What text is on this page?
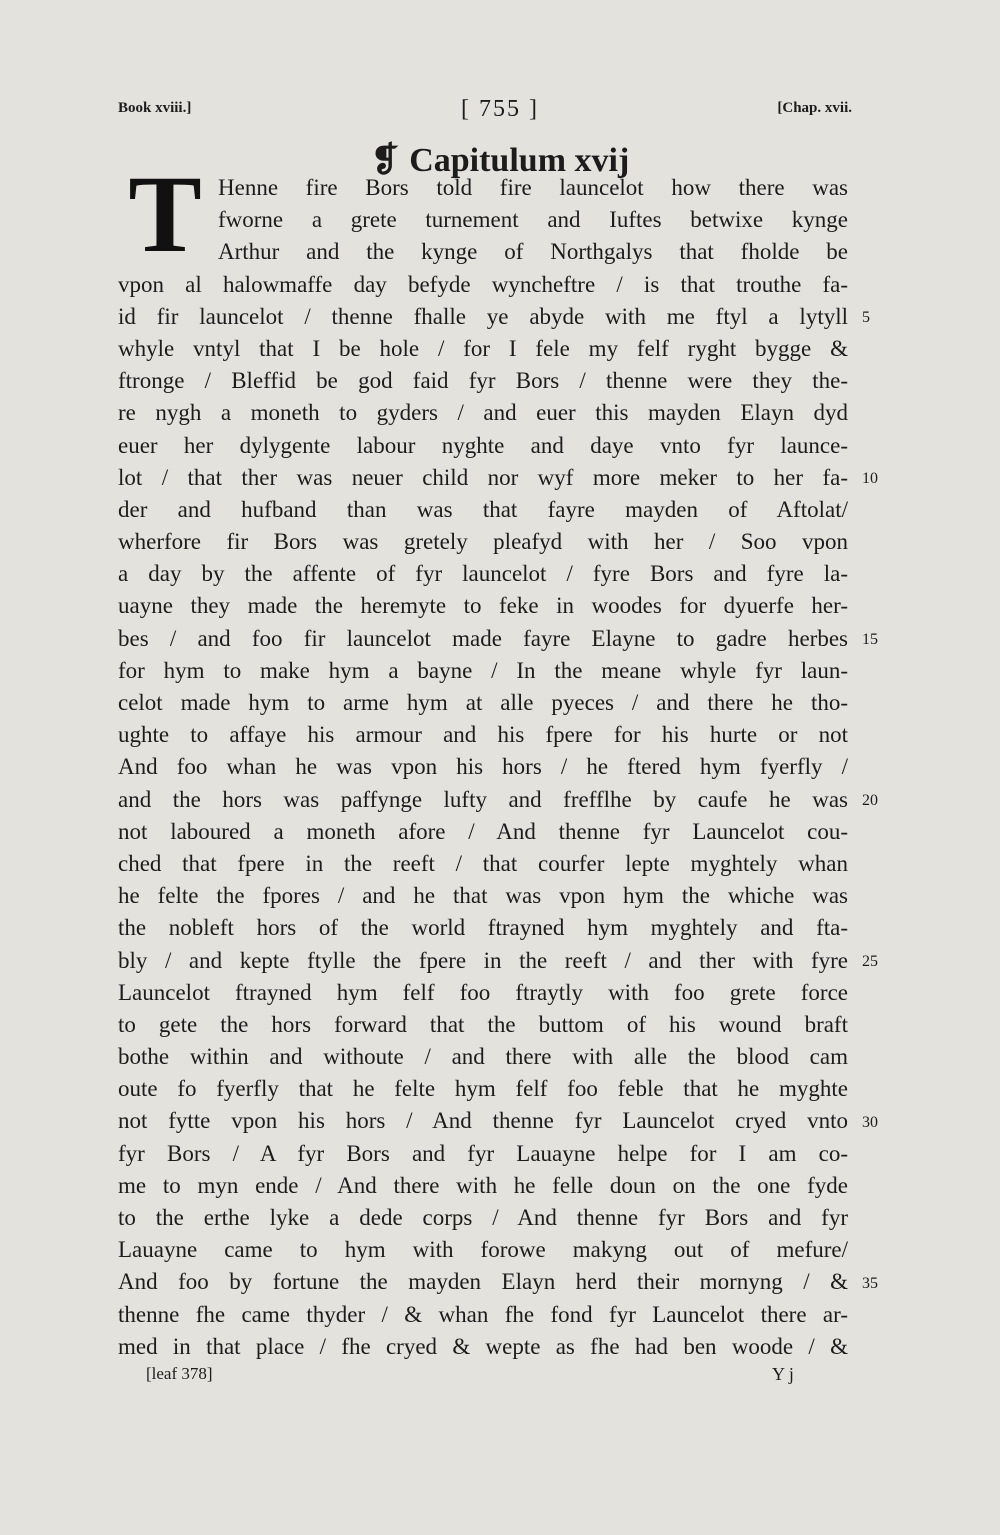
Book xviii.]	[ 755 ]	[Chap. xvii.
❡ Capitulum xvij
T Henne fire Bors told fire launcelot how there was
fworne a grete turnement and Iuftes betwixe kynge
Arthur and the kynge of Northgalys that fholde be
vpon al halowmaffe day befyde wyncheftre / is that trouthe fa-
id fir launcelot / thenne fhalle ye abyde with me ftyl a lytyll
whyle vntyl that I be hole / for I fele my felf ryght bygge &
ftronge / Bleffid be god faid fyr Bors / thenne were they the-
re nygh a moneth to gyders / and euer this mayden Elayn dyd
euer her dylygente labour nyghte and daye vnto fyr launce-
lot / that ther was neuer child nor wyf more meker to her fa-
der and hufband than was that fayre mayden of Aftolat/
wherfore fir Bors was gretely pleafyd with her / Soo vpon
a day by the affente of fyr launcelot / fyre Bors and fyre la-
uayne they made the heremyte to feke in woodes for dyuerfe her-
bes / and foo fir launcelot made fayre Elayne to gadre herbes
for hym to make hym a bayne / In the meane whyle fyr laun-
celot made hym to arme hym at alle pyeces / and there he tho-
ughte to affaye his armour and his fpere for his hurte or not
And foo whan he was vpon his hors / he ftered hym fyerfly /
and the hors was paffynge lufty and frefflhe by caufe he was
not laboured a moneth afore / And thenne fyr Launcelot cou-
ched that fpere in the reeft / that courfer lepte myghtely whan
he felte the fpores / and he that was vpon hym the whiche was
the nobleft hors of the world ftrayned hym myghtely and fta-
bly / and kepte ftylle the fpere in the reeft / and ther with fyre
Launcelot ftrayned hym felf foo ftraytly with foo grete force
to gete the hors forward that the buttom of his wound braft
bothe within and withoute / and there with alle the blood cam
oute fo fyerfly that he felte hym felf foo feble that he myghte
not fytte vpon his hors / And thenne fyr Launcelot cryed vnto
fyr Bors / A fyr Bors and fyr Lauayne helpe for I am co-
me to myn ende / And there with he felle doun on the one fyde
to the erthe lyke a dede corps / And thenne fyr Bors and fyr
Lauayne came to hym with forowe makyng out of mefure/
And foo by fortune the mayden Elayn herd their mornyng / &
thenne fhe came thyder / & whan fhe fond fyr Launcelot there ar-
med in that place / fhe cryed & wepte as fhe had ben woode / &
5
10
15
20
25
30
35
[leaf 378]	Y j
